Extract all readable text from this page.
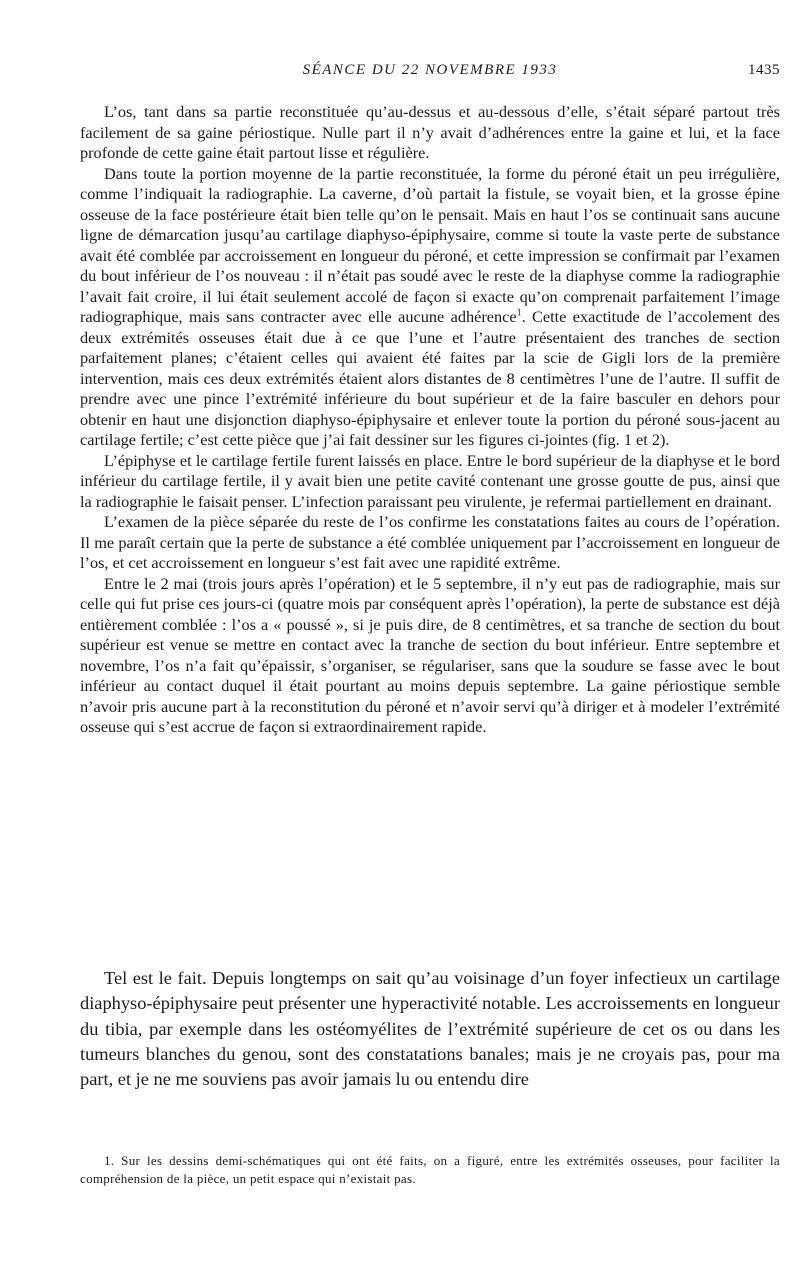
SÉANCE DU 22 NOVEMBRE 1933	1435

L’os, tant dans sa partie reconstituée qu’au-dessus et au-dessous d’elle, s’était séparé partout très facilement de sa gaine périostique. Nulle part il n’y avait d’adhérences entre la gaine et lui, et la face profonde de cette gaine était partout lisse et régulière.

Dans toute la portion moyenne de la partie reconstituée, la forme du péroné était un peu irrégulière, comme l’indiquait la radiographie. La caverne, d’où partait la fistule, se voyait bien, et la grosse épine osseuse de la face postérieure était bien telle qu’on le pensait. Mais en haut l’os se continuait sans aucune ligne de démarcation jusqu’au cartilage diaphyso-épiphysaire, comme si toute la vaste perte de substance avait été comblée par accroissement en longueur du péroné, et cette impression se confirmait par l’examen du bout inférieur de l’os nouveau : il n’était pas soudé avec le reste de la diaphyse comme la radiographie l’avait fait croire, il lui était seulement accolé de façon si exacte qu’on comprenait parfaitement l’image radiographique, mais sans contracter avec elle aucune adhérence$^1$. Cette exactitude de l’accolement des deux extrémités osseuses était due à ce que l’une et l’autre présentaient des tranches de section parfaitement planes; c’étaient celles qui avaient été faites par la scie de Gigli lors de la première intervention, mais ces deux extrémités étaient alors distantes de 8 centimètres l’une de l’autre. Il suffit de prendre avec une pince l’extrémité inférieure du bout supérieur et de la faire basculer en dehors pour obtenir en haut une disjonction diaphyso-épiphysaire et enlever toute la portion du péroné sous-jacent au cartilage fertile; c’est cette pièce que j’ai fait dessiner sur les figures ci-jointes (fig. 1 et 2).

L’épiphyse et le cartilage fertile furent laissés en place. Entre le bord supérieur de la diaphyse et le bord inférieur du cartilage fertile, il y avait bien une petite cavité contenant une grosse goutte de pus, ainsi que la radiographie le faisait penser. L’infection paraissant peu virulente, je refermai partiellement en drainant.

L’examen de la pièce séparée du reste de l’os confirme les constatations faites au cours de l’opération. Il me paraît certain que la perte de substance a été comblée uniquement par l’accroissement en longueur de l’os, et cet accroissement en longueur s’est fait avec une rapidité extrême.

Entre le 2 mai (trois jours après l’opération) et le 5 septembre, il n’y eut pas de radiographie, mais sur celle qui fut prise ces jours-ci (quatre mois par conséquent après l’opération), la perte de substance est déjà entièrement comblée : l’os a « poussé », si je puis dire, de 8 centimètres, et sa tranche de section du bout supérieur est venue se mettre en contact avec la tranche de section du bout inférieur. Entre septembre et novembre, l’os n’a fait qu’épaissir, s’organiser, se régulariser, sans que la soudure se fasse avec le bout inférieur au contact duquel il était pourtant au moins depuis septembre. La gaine périostique semble n’avoir pris aucune part à la reconstitution du péroné et n’avoir servi qu’à diriger et à modeler l’extrémité osseuse qui s’est accrue de façon si extraordinairement rapide.

Tel est le fait. Depuis longtemps on sait qu’au voisinage d’un foyer infectieux un cartilage diaphyso-épiphysaire peut présenter une hyperactivité notable. Les accroissements en longueur du tibia, par exemple dans les ostéomyélites de l’extrémité supérieure de cet os ou dans les tumeurs blanches du genou, sont des constatations banales; mais je ne croyais pas, pour ma part, et je ne me souviens pas avoir jamais lu ou entendu dire

1. Sur les dessins demi-schématiques qui ont été faits, on a figuré, entre les extrémités osseuses, pour faciliter la compréhension de la pièce, un petit espace qui n’existait pas.
